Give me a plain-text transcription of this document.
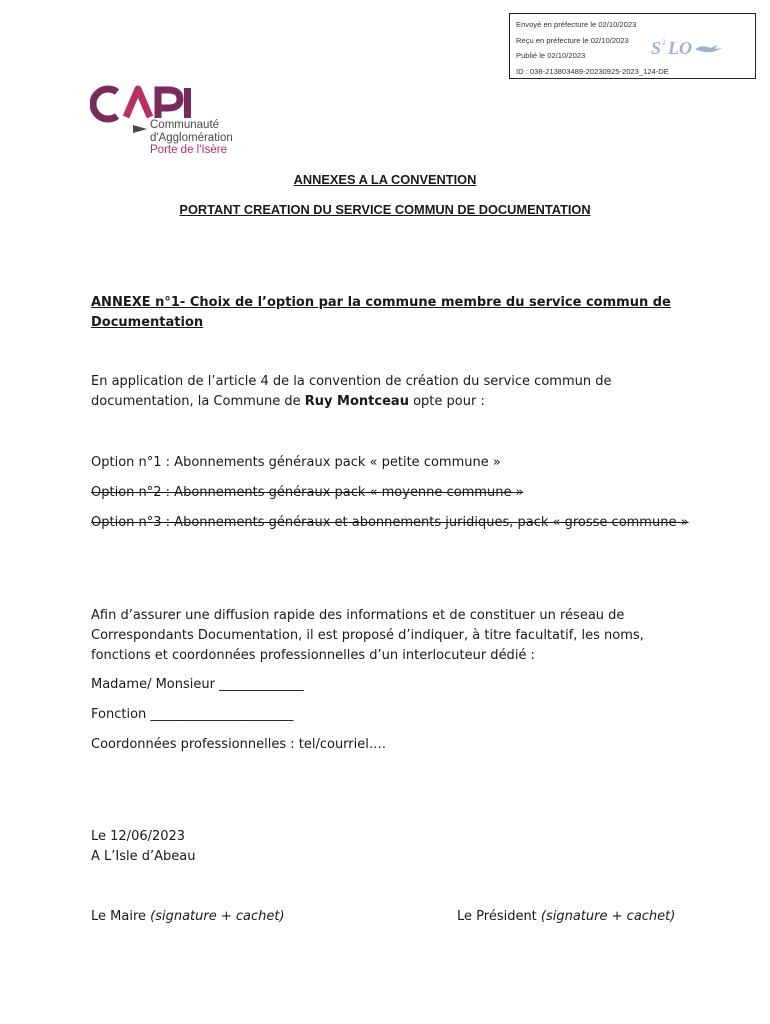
Envoyé en préfecture le 02/10/2023
Reçu en préfecture le 02/10/2023
Publié le 02/10/2023
ID : 038-213803489-20230925-2023_124-DE
S 2 LO
Communauté
d'Agglomération
Porte de l'Isère
ANNEXES A LA CONVENTION
PORTANT CREATION DU SERVICE COMMUN DE DOCUMENTATION
ANNEXE n°1- Choix de l’option par la commune membre du service commun de
Documentation
En application de l’article 4 de la convention de création du service commun de
documentation, la Commune de Ruy Montceau opte pour :
Option n°1 : Abonnements généraux pack « petite commune »
Option n°2 : Abonnements généraux pack « moyenne commune »
Option n°3 : Abonnements généraux et abonnements juridiques, pack « grosse commune »
Afin d’assurer une diffusion rapide des informations et de constituer un réseau de
Correspondants Documentation, il est proposé d’indiquer, à titre facultatif, les noms,
fonctions et coordonnées professionnelles d’un interlocuteur dédié :
Madame/ Monsieur _____________
Fonction ______________________
Coordonnées professionnelles : tel/courriel….
Le 12/06/2023
A L’Isle d’Abeau
Le Maire (signature + cachet)	Le Président (signature + cachet)
